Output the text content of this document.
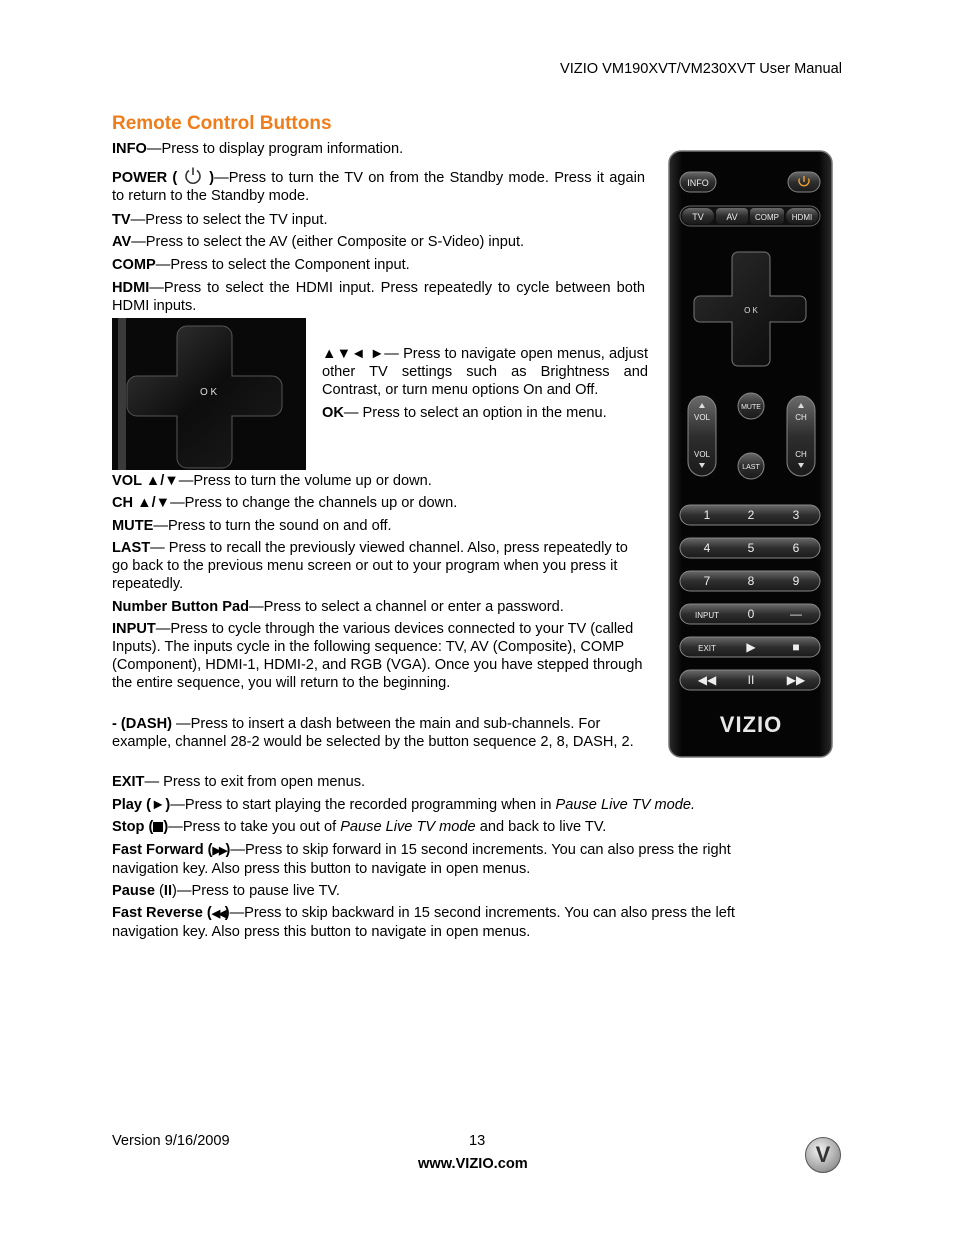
VIZIO VM190XVT/VM230XVT User Manual
Remote Control Buttons

INFO—Press to display program information.

POWER ( )—Press to turn the TV on from the Standby mode. Press it again to return to the Standby mode.

TV—Press to select the TV input.

AV—Press to select the AV (either Composite or S-Video) input.

COMP—Press to select the Component input.

HDMI—Press to select the HDMI input. Press repeatedly to cycle between both HDMI inputs.

O K

▲▼◄ ►— Press to navigate open menus, adjust other TV settings such as Brightness and Contrast, or turn menu options On and Off.

OK— Press to select an option in the menu.

VOL ▲/▼—Press to turn the volume up or down.

CH ▲/▼—Press to change the channels up or down.

MUTE—Press to turn the sound on and off.

LAST— Press to recall the previously viewed channel. Also, press repeatedly to go back to the previous menu screen or out to your program when you press it repeatedly.

Number Button Pad—Press to select a channel or enter a password.

INPUT—Press to cycle through the various devices connected to your TV (called Inputs). The inputs cycle in the following sequence: TV, AV (Composite), COMP (Component), HDMI-1, HDMI-2, and RGB (VGA). Once you have stepped through the entire sequence, you will return to the beginning.

- (DASH) —Press to insert a dash between the main and sub-channels. For example, channel 28-2 would be selected by the button sequence 2, 8, DASH, 2.

EXIT— Press to exit from open menus.

Play (►)—Press to start playing the recorded programming when in Pause Live TV mode.

Stop ( )—Press to take you out of Pause Live TV mode and back to live TV.

Fast Forward (▶▶)—Press to skip forward in 15 second increments. You can also press the right navigation key. Also press this button to navigate in open menus.

Pause (II)—Press to pause live TV.

Fast Reverse (◀◀)—Press to skip backward in 15 second increments. You can also press the left navigation key. Also press this button to navigate in open menus.

INFO
TV	AV COMP HDMI
O K
VOL
VOL
CH
CH
MUTE
LAST
1	2	3
4	5	6
7	8	9
INPUT 0	—
EXIT	▶	■
◀◀	II	▶▶
VIZIO
Version 9/16/2009	13
www.VIZIO.com	V
